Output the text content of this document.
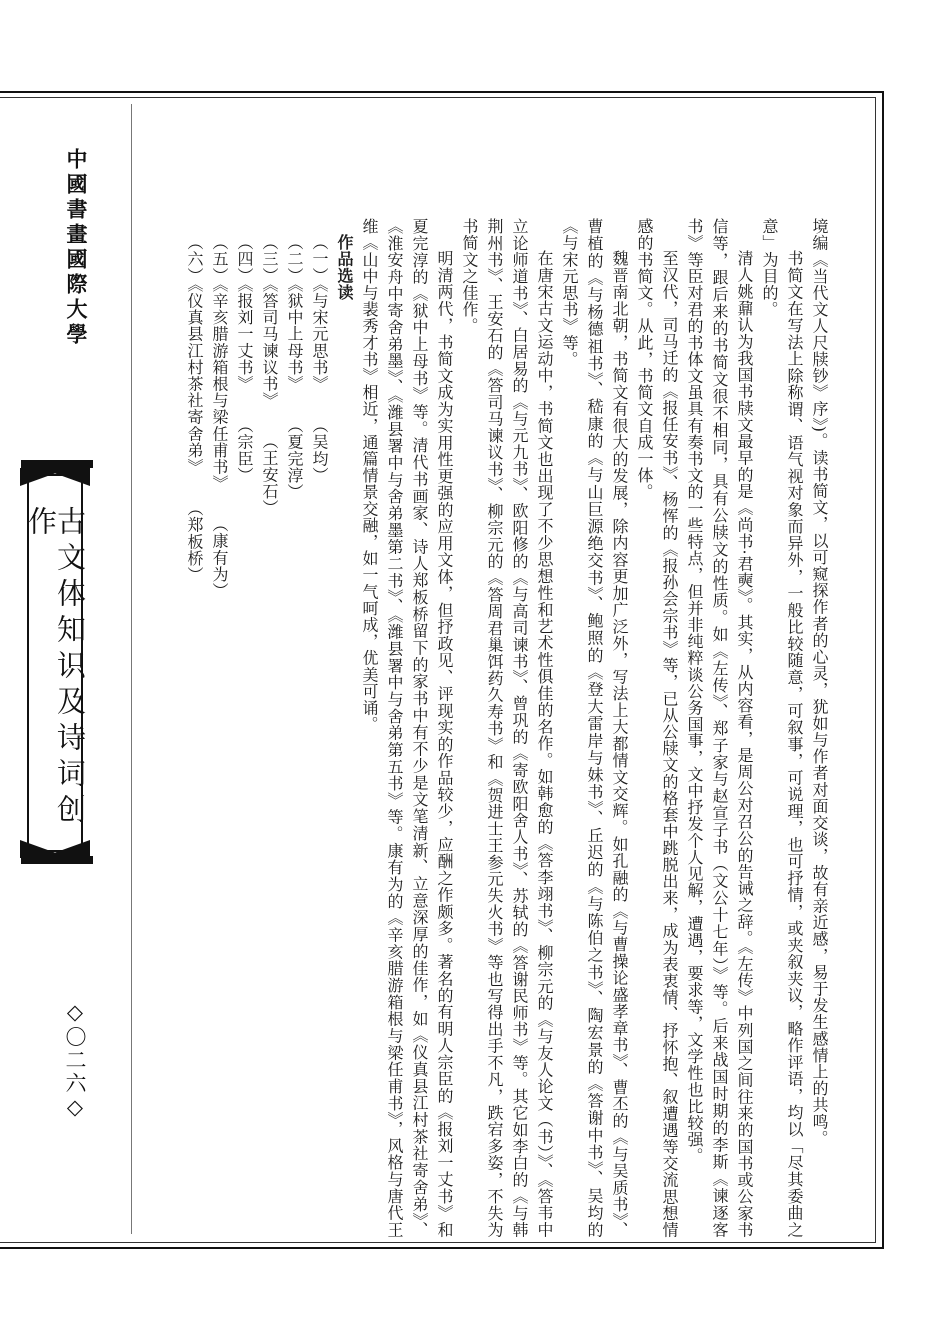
中國書畫國際大學
古文体知识及诗词创作
◇〇二六◇	境编《当代文人尺牍钞》序》)。读书简文，以可窥探作者的心灵，犹如与作者对面交谈，故有亲近感，易于发生感情上的共鸣。

书简文在写法上除称谓、语气视对象而异外，一般比较随意，可叙事，可说理，也可抒情，或夹叙夹议，略作评语，均以「尽其委曲之意」为目的。

清人姚鼐认为我国书牍文最早的是《尚书·君奭》。其实，从内容看，是周公对召公的告诫之辞。《左传》中列国之间往来的国书或公家书信等，跟后来的书简文很不相同，具有公牍文的性质。如《左传》、郑子家与赵宣子书（文公十七年）》等。后来战国时期的李斯《谏逐客书》等臣对君的书体文虽具有奏书文的一些特点，但并非纯粹谈公务国事，文中抒发个人见解，遭遇，要求等，文学性也比较强。

至汉代，司马迁的《报任安书》、杨恽的《报孙会宗书》等，已从公牍文的格套中跳脱出来，成为表衷情、抒怀抱、叙遭遇等交流思想情感的书简文。从此，书简文自成一体。

魏晋南北朝，书简文有很大的发展，除内容更加广泛外，写法上大都情文交辉。如孔融的《与曹操论盛孝章书》、曹丕的《与吴质书》、曹植的《与杨德祖书》、嵇康的《与山巨源绝交书》、鲍照的《登大雷岸与妹书》、丘迟的《与陈伯之书》、陶宏景的《答谢中书》、吴均的《与宋元思书》等。

在唐宋古文运动中，书简文也出现了不少思想性和艺术性俱佳的名作。如韩愈的《答李翊书》、柳宗元的《与友人论文（书）》、《答韦中立论师道书》、白居易的《与元九书》、欧阳修的《与高司谏书》、曾巩的《寄欧阳舍人书》、苏轼的《答谢民师书》等。其它如李白的《与韩荆州书》、王安石的《答司马谏议书》、柳宗元的《答周君巢饵药久寿书》和《贺进士王参元失火书》等也写得出手不凡，跌宕多姿，不失为书简文之佳作。

明清两代，书简文成为实用性更强的应用文体，但抒政见、评现实的作品较少，应酬之作颇多。著名的有明人宗臣的《报刘一丈书》和夏完淳的《狱中上母书》等。清代书画家、诗人郑板桥留下的家书中有不少是文笔清新、立意深厚的佳作，如《仪真县江村茶社寄舍弟》、《淮安舟中寄舍弟墨》、《潍县署中与舍弟墨第二书》、《潍县署中与舍弟第五书》等。康有为的《辛亥腊游箱根与梁任甫书》，风格与唐代王维《山中与裴秀才书》相近，通篇情景交融，如一气呵成，优美可诵。

作品选读
（一）《与宋元思书》 （吴均）
（二）《狱中上母书》 （夏完淳）
（三）《答司马谏议书》 （王安石）
（四）《报刘一丈书》 （宗臣）
（五）《辛亥腊游箱根与梁任甫书》 （康有为）
（六）《仪真县江村茶社寄舍弟》 （郑板桥）
